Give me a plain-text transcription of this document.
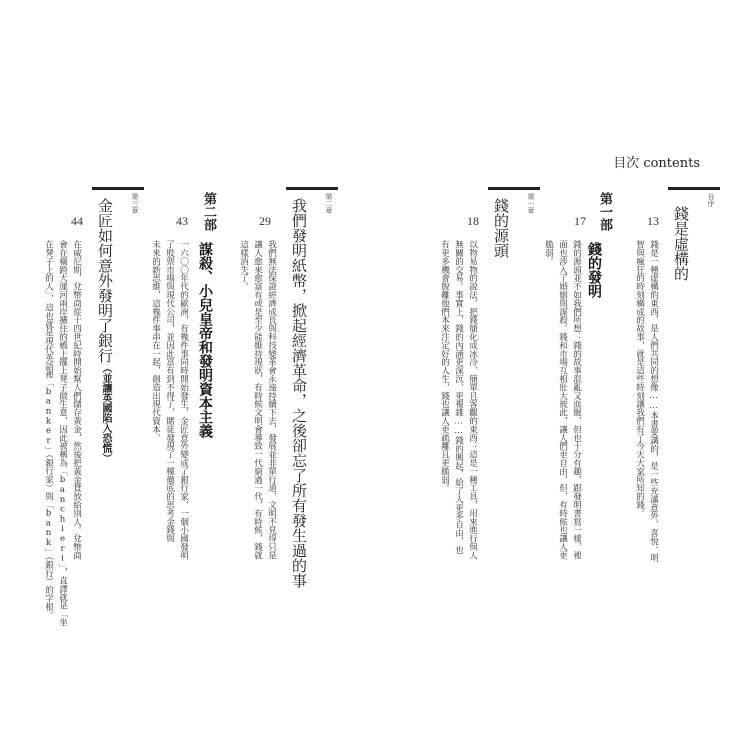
目次 contents
自序
錢是虛構的
13
錢是一種虛構的東西，是人們共同的想像……本書要講的，是一些充滿意外、喜悅、明
智與瘋狂的時刻構成的故事，就是這些時刻讓我們有了今天大家所知的錢。
第一部
17
錢的發明
錢的源頭並不如我們所想：錢的故事混亂又血腥，但也十分有趣，跟發明書寫一樣，裡
面也涉入了婚姻與謀殺。錢和市場互相壯大彼此，讓人們更自由，但，有時候也讓人更
脆弱。
第一章
錢的源頭
18
以物易物的說法，把錢簡化成冰冷、簡單且客觀的東西：這是一種工具，用來進行與人
無關的交易。事實上，錢的內涵更深沉、更複雜……錢的興起，給了人更多自由，也
有更多機會脫離他們本來注定好的人生，錢也讓人更疏離且更脆弱。
第二章
我們發明紙幣，掀起經濟革命，之後卻忘了所有發生過的事
29
我們無法保證經濟成長與科技變革會永遠持續下去，發展並非單行道，文明不見得只是
讓人愈來愈富有或是至少能維持現狀，有時候文明會導致一代窮過一代，有時候，錢就
這樣消失了。
第二部
43
謀殺、小兒皇帝和發明資本主義
一六〇〇年代的歐洲，有幾件事同時開始發生，金匠意外變成了銀行家，一個小國發明
了股票市場與現代公司，並因此富有到不得了，賭徒發現了一種徹底的思考金錢與
未來的新思維，這幾件事串在一起，創造出現代資本。
第三章
金匠如何意外發明了銀行（並讓英國陷入恐慌）
44
在威尼斯，兌幣商從十四世紀時開始幫人們儲存黃金，然後把黃金貸放給別人。兌幣商
會在橫跨大運河兩岸擴住的橋上擺上凳子做生意，因此被稱為「banchieri」，直譯就是「坐
在凳子上的人」，這也就是現代英語裡「banker」（銀行家）與「bank」（銀行）的字根。
